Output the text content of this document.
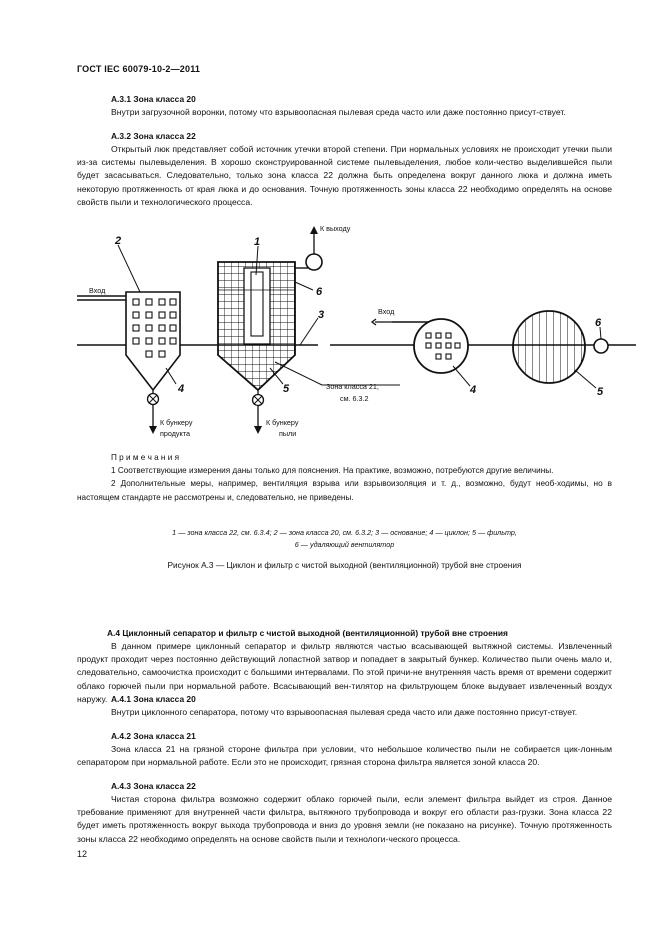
ГОСТ IEC 60079-10-2—2011

А.3.1 Зона класса 20

Внутри загрузочной воронки, потому что взрывоопасная пылевая среда часто или даже постоянно присут-ствует.

А.3.2 Зона класса 22

Открытый люк представляет собой источник утечки второй степени. При нормальных условиях не происходит утечки пыли из-за системы пылевыделения. В хорошо сконструированной системе пылевыделения, любое коли-чество выделившейся пыли будет засасываться. Следовательно, только зона класса 22 должна быть определена вокруг данного люка и должна иметь некоторую протяженность от края люка и до основания. Точную протяженность зоны класса 22 необходимо определять на основе свойств пыли и технологического процесса.

1
2
3
4	5
6
4	5
6
К выходу
Вход
Вход
Зона класса 21,
см. 6.3.2
К бункеру
продукта
К бункеру
пыли

П р и м е ч а н и я

1 Соответствующие измерения даны только для пояснения. На практике, возможно, потребуются другие величины.

2 Дополнительные меры, например, вентиляция взрыва или взрывоизоляция и т. д., возможно, будут необ-ходимы, но в настоящем стандарте не рассмотрены и, следовательно, не приведены.

1 — зона класса 22, см. 6.3.4; 2 — зона класса 20, см. 6.3.2; 3 — основание; 4 — циклон; 5 — фильтр,
6 — удаляющий вентилятор
Рисунок А.3 — Циклон и фильтр с чистой выходной (вентиляционной) трубой вне строения

А.4 Циклонный сепаратор и фильтр с чистой выходной (вентиляционной) трубой вне строения

В данном примере циклонный сепаратор и фильтр являются частью всасывающей вытяжной системы. Извлеченный продукт проходит через постоянно действующий лопастной затвор и попадает в закрытый бункер. Количество пыли очень мало и, следовательно, самоочистка происходит с большими интервалами. По этой причи-не внутренняя часть время от времени содержит облако горючей пыли при нормальной работе. Всасывающий вен-тилятор на фильтрующем блоке выдувает извлеченный воздух наружу. А.4.1 Зона класса 20

Внутри циклонного сепаратора, потому что взрывоопасная пылевая среда часто или даже постоянно присут-ствует.

А.4.2 Зона класса 21

Зона класса 21 на грязной стороне фильтра при условии, что небольшое количество пыли не собирается цик-лонным сепаратором при нормальной работе. Если это не происходит, грязная сторона фильтра является зоной класса 20.

А.4.3 Зона класса 22

Чистая сторона фильтра возможно содержит облако горючей пыли, если элемент фильтра выйдет из строя. Данное требование применяют для внутренней части фильтра, вытяжного трубопровода и вокруг его области раз-грузки. Зона класса 22 будет иметь протяженность вокруг выхода трубопровода и вниз до уровня земли (не показано на рисунке). Точную протяженность зоны класса 22 необходимо определять на основе свойств пыли и технологи-ческого процесса.

12
